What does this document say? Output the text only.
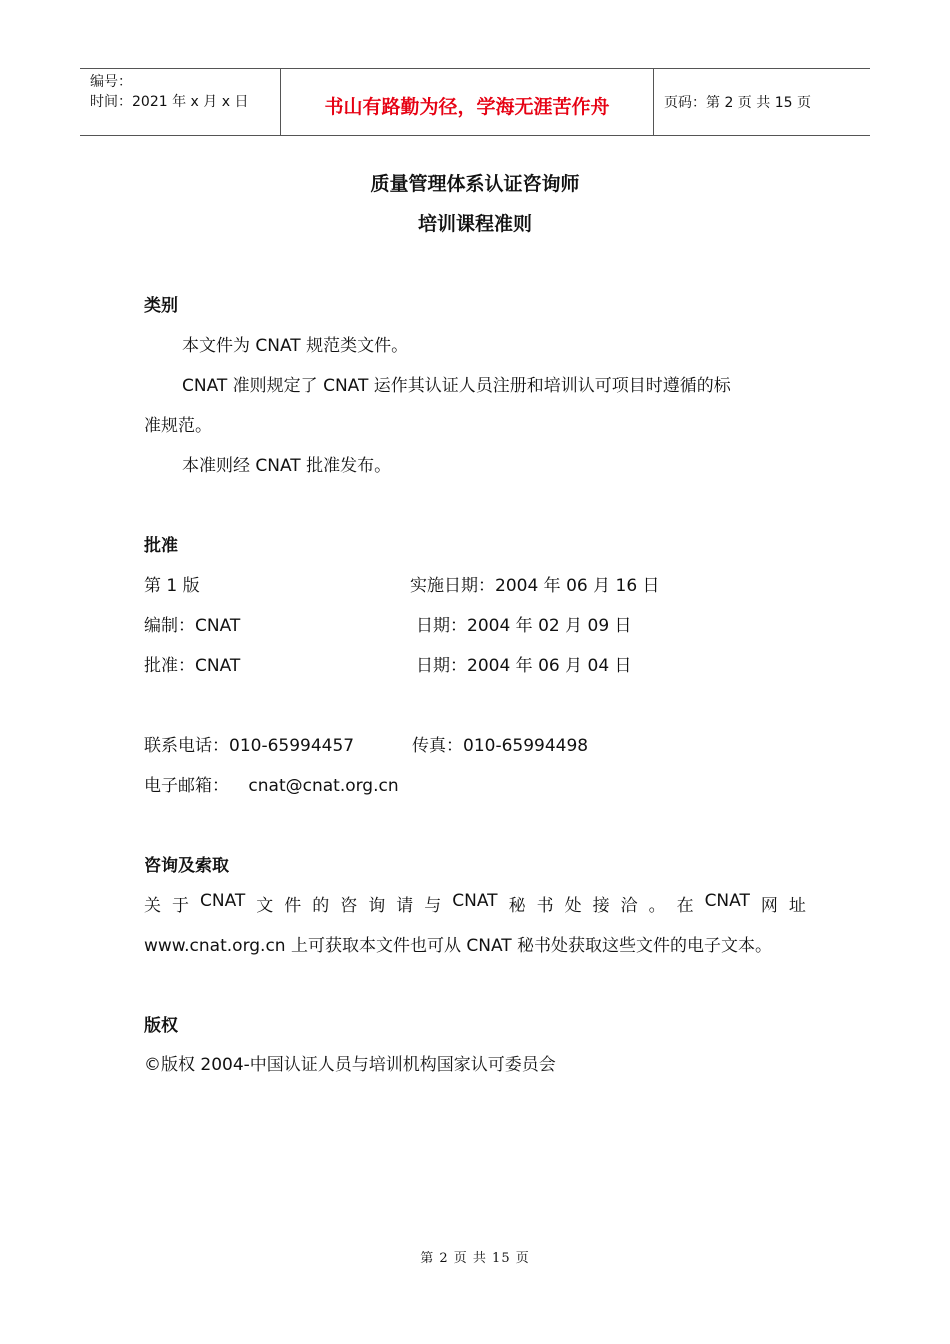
编号：
时间：2021 年 x 月 x 日	书山有路勤为径，学海无涯苦作舟	页码：第 2 页 共 15 页
质量管理体系认证咨询师
培训课程准则
类别
本文件为 CNAT 规范类文件。
CNAT 准则规定了 CNAT 运作其认证人员注册和培训认可项目时遵循的标
准规范。
本准则经 CNAT 批准发布。
批准
第 1 版	实施日期：2004 年 06 月 16 日
编制：CNAT	日期：2004 年 02 月 09 日
批准：CNAT	日期：2004 年 06 月 04 日
联系电话：010-65994457	传真：010-65994498
电子邮箱： cnat@cnat.org.cn
咨询及索取
关 于 CNAT 文 件 的 咨 询 请 与 CNAT 秘 书 处 接 洽 。 在 CNAT 网 址
www.cnat.org.cn 上可获取本文件也可从 CNAT 秘书处获取这些文件的电子文本。
版权
©版权 2004-中国认证人员与培训机构国家认可委员会
第 2 页 共 15 页
